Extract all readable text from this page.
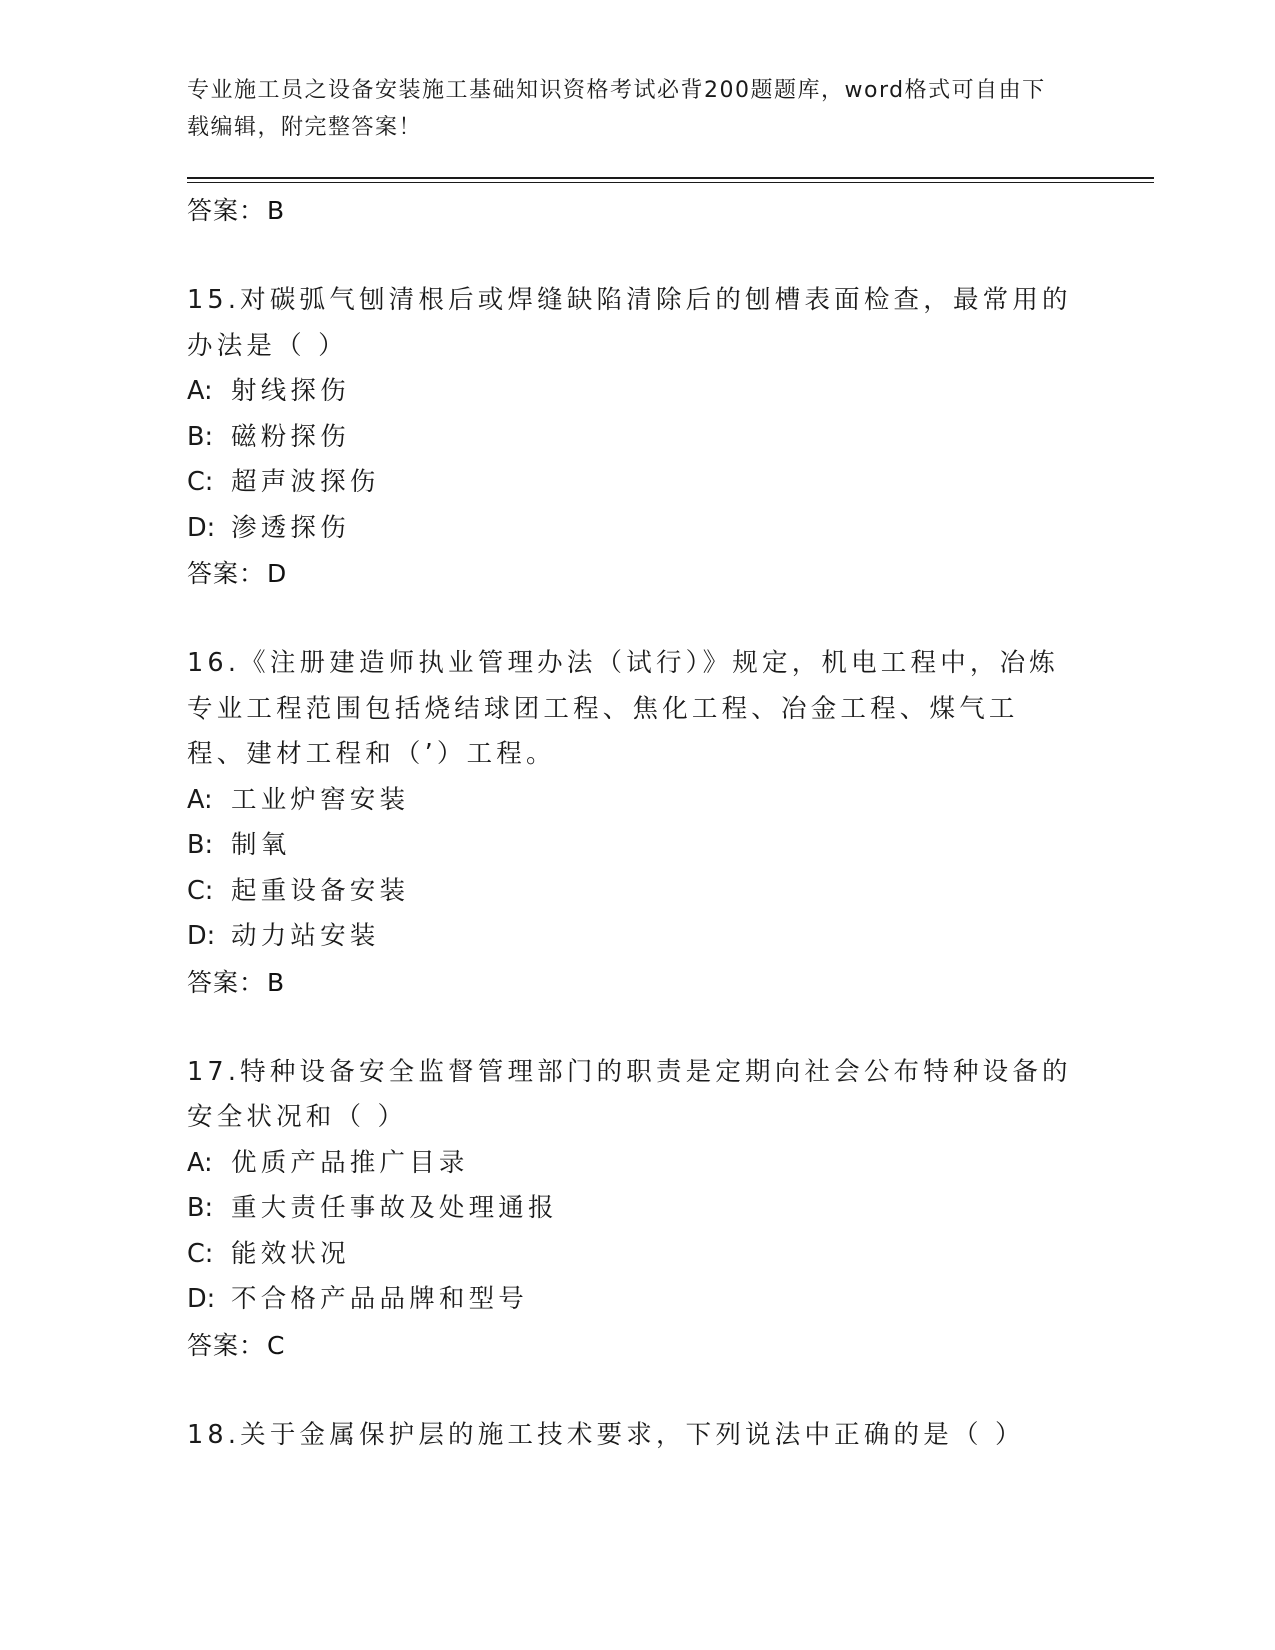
专业施工员之设备安装施工基础知识资格考试必背200题题库，word格式可自由下载编辑，附完整答案！
答案：B
15.对碳弧气刨清根后或焊缝缺陷清除后的刨槽表面检查，最常用的办法是（ ）
A: 射线探伤
B: 磁粉探伤
C: 超声波探伤
D: 渗透探伤
答案：D
16.《注册建造师执业管理办法（试行）》规定，机电工程中，冶炼专业工程范围包括烧结球团工程、焦化工程、冶金工程、煤气工程、建材工程和（’）工程。
A: 工业炉窖安装
B: 制氧
C: 起重设备安装
D: 动力站安装
答案：B
17.特种设备安全监督管理部门的职责是定期向社会公布特种设备的安全状况和（ ）
A: 优质产品推广目录
B: 重大责任事故及处理通报
C: 能效状况
D: 不合格产品品牌和型号
答案：C
18.关于金属保护层的施工技术要求，下列说法中正确的是（ ）
